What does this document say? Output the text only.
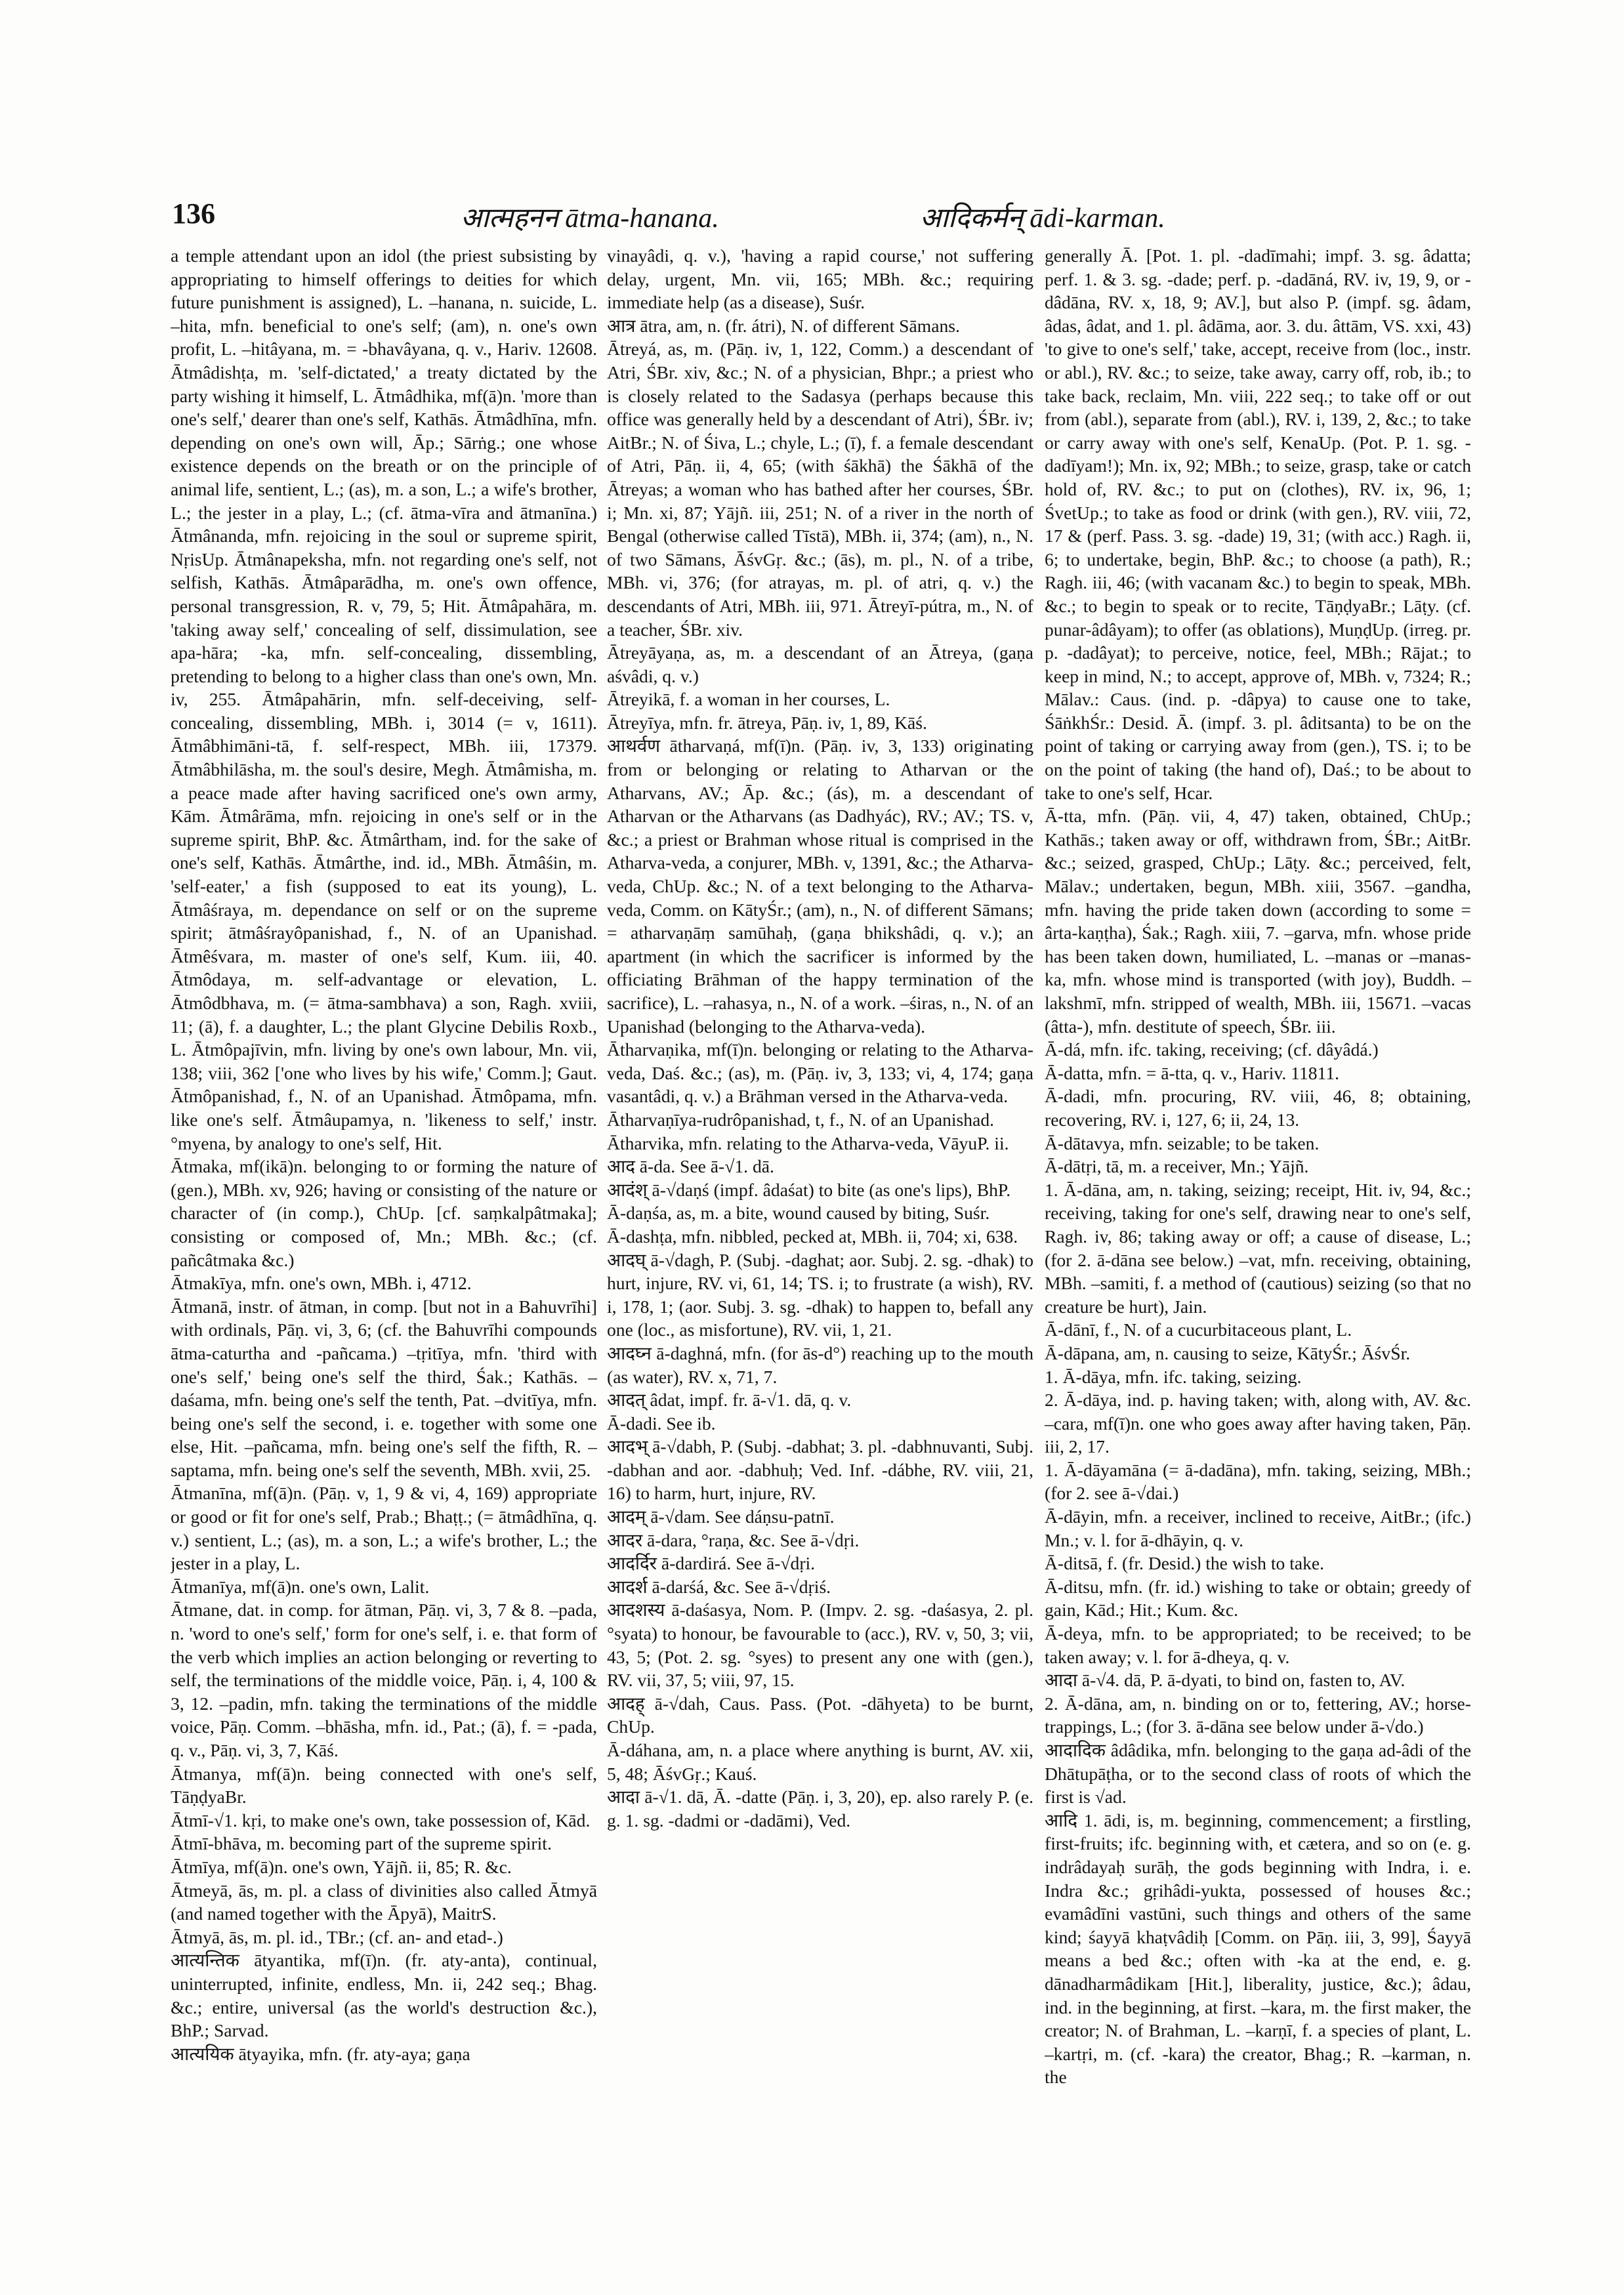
136	आत्महनन ātma-hanana.	आदिकर्मन् ādi-karman.

a temple attendant upon an idol (the priest subsisting by appropriating to himself offerings to deities for which future punishment is assigned), L. –hanana, n. suicide, L. –hita, mfn. beneficial to one's self; (am), n. one's own profit, L. –hitâyana, m. = -bhavâyana, q. v., Hariv. 12608. Ātmâdishṭa, m. 'self-dictated,' a treaty dictated by the party wishing it himself, L. Ātmâdhika, mf(ā)n. 'more than one's self,' dearer than one's self, Kathās. Ātmâdhīna, mfn. depending on one's own will, Āp.; Sārṅg.; one whose existence depends on the breath or on the principle of animal life, sentient, L.; (as), m. a son, L.; a wife's brother, L.; the jester in a play, L.; (cf. ātma-vīra and ātmanīna.) Ātmânanda, mfn. rejoicing in the soul or supreme spirit, NṛisUp. Ātmânapeksha, mfn. not regarding one's self, not selfish, Kathās. Ātmâparādha, m. one's own offence, personal transgression, R. v, 79, 5; Hit. Ātmâpahāra, m. 'taking away self,' concealing of self, dissimulation, see apa-hāra; -ka, mfn. self-concealing, dissembling, pretending to belong to a higher class than one's own, Mn. iv, 255. Ātmâpahārin, mfn. self-deceiving, self-concealing, dissembling, MBh. i, 3014 (= v, 1611). Ātmâbhimāni-tā, f. self-respect, MBh. iii, 17379. Ātmâbhilāsha, m. the soul's desire, Megh. Ātmâmisha, m. a peace made after having sacrificed one's own army, Kām. Ātmârāma, mfn. rejoicing in one's self or in the supreme spirit, BhP. &c. Ātmârtham, ind. for the sake of one's self, Kathās. Ātmârthe, ind. id., MBh. Ātmâśin, m. 'self-eater,' a fish (supposed to eat its young), L. Ātmâśraya, m. dependance on self or on the supreme spirit; ātmâśrayôpanishad, f., N. of an Upanishad. Ātmêśvara, m. master of one's self, Kum. iii, 40. Ātmôdaya, m. self-advantage or elevation, L. Ātmôdbhava, m. (= ātma-sambhava) a son, Ragh. xviii, 11; (ā), f. a daughter, L.; the plant Glycine Debilis Roxb., L. Ātmôpajīvin, mfn. living by one's own labour, Mn. vii, 138; viii, 362 ['one who lives by his wife,' Comm.]; Gaut. Ātmôpanishad, f., N. of an Upanishad. Ātmôpama, mfn. like one's self. Ātmâupamya, n. 'likeness to self,' instr. °myena, by analogy to one's self, Hit.

Ātmaka, mf(ikā)n. belonging to or forming the nature of (gen.), MBh. xv, 926; having or consisting of the nature or character of (in comp.), ChUp. [cf. saṃkalpâtmaka]; consisting or composed of, Mn.; MBh. &c.; (cf. pañcâtmaka &c.)

Ātmakīya, mfn. one's own, MBh. i, 4712.

Ātmanā, instr. of ātman, in comp. [but not in a Bahuvrīhi] with ordinals, Pāṇ. vi, 3, 6; (cf. the Bahuvrīhi compounds ātma-caturtha and -pañcama.) –tṛitīya, mfn. 'third with one's self,' being one's self the third, Śak.; Kathās. –daśama, mfn. being one's self the tenth, Pat. –dvitīya, mfn. being one's self the second, i. e. together with some one else, Hit. –pañcama, mfn. being one's self the fifth, R. –saptama, mfn. being one's self the seventh, MBh. xvii, 25.

Ātmanīna, mf(ā)n. (Pāṇ. v, 1, 9 & vi, 4, 169) appropriate or good or fit for one's self, Prab.; Bhaṭṭ.; (= ātmâdhīna, q. v.) sentient, L.; (as), m. a son, L.; a wife's brother, L.; the jester in a play, L.

Ātmanīya, mf(ā)n. one's own, Lalit.

Ātmane, dat. in comp. for ātman, Pāṇ. vi, 3, 7 & 8. –pada, n. 'word to one's self,' form for one's self, i. e. that form of the verb which implies an action belonging or reverting to self, the terminations of the middle voice, Pāṇ. i, 4, 100 & 3, 12. –padin, mfn. taking the terminations of the middle voice, Pāṇ. Comm. –bhāsha, mfn. id., Pat.; (ā), f. = -pada, q. v., Pāṇ. vi, 3, 7, Kāś.

Ātmanya, mf(ā)n. being connected with one's self, TāṇḍyaBr.

Ātmī-√1. kṛi, to make one's own, take possession of, Kād.

Ātmī-bhāva, m. becoming part of the supreme spirit.

Ātmīya, mf(ā)n. one's own, Yājñ. ii, 85; R. &c.

Ātmeyā, ās, m. pl. a class of divinities also called Ātmyā (and named together with the Āpyā), MaitrS.

Ātmyā, ās, m. pl. id., TBr.; (cf. an- and etad-.)

आत्यन्तिक ātyantika, mf(ī)n. (fr. aty-anta), continual, uninterrupted, infinite, endless, Mn. ii, 242 seq.; Bhag. &c.; entire, universal (as the world's destruction &c.), BhP.; Sarvad.

आत्ययिक ātyayika, mfn. (fr. aty-aya; gaṇa

vinayâdi, q. v.), 'having a rapid course,' not suffering delay, urgent, Mn. vii, 165; MBh. &c.; requiring immediate help (as a disease), Suśr.

आत्र ātra, am, n. (fr. átri), N. of different Sāmans.

Ātreyá, as, m. (Pāṇ. iv, 1, 122, Comm.) a descendant of Atri, ŚBr. xiv, &c.; N. of a physician, Bhpr.; a priest who is closely related to the Sadasya (perhaps because this office was generally held by a descendant of Atri), ŚBr. iv; AitBr.; N. of Śiva, L.; chyle, L.; (ī), f. a female descendant of Atri, Pāṇ. ii, 4, 65; (with śākhā) the Śākhā of the Ātreyas; a woman who has bathed after her courses, ŚBr. i; Mn. xi, 87; Yājñ. iii, 251; N. of a river in the north of Bengal (otherwise called Tīstā), MBh. ii, 374; (am), n., N. of two Sāmans, ĀśvGṛ. &c.; (ās), m. pl., N. of a tribe, MBh. vi, 376; (for atrayas, m. pl. of atri, q. v.) the descendants of Atri, MBh. iii, 971. Ātreyī-pútra, m., N. of a teacher, ŚBr. xiv.

Ātreyāyaṇa, as, m. a descendant of an Ātreya, (gaṇa aśvâdi, q. v.)

Ātreyikā, f. a woman in her courses, L.

Ātreyīya, mfn. fr. ātreya, Pāṇ. iv, 1, 89, Kāś.

आथर्वण ātharvaṇá, mf(ī)n. (Pāṇ. iv, 3, 133) originating from or belonging or relating to Atharvan or the Atharvans, AV.; Āp. &c.; (ás), m. a descendant of Atharvan or the Atharvans (as Dadhyác), RV.; AV.; TS. v, &c.; a priest or Brahman whose ritual is comprised in the Atharva-veda, a conjurer, MBh. v, 1391, &c.; the Atharva-veda, ChUp. &c.; N. of a text belonging to the Atharva-veda, Comm. on KātyŚr.; (am), n., N. of different Sāmans; = atharvaṇāṃ samūhaḥ, (gaṇa bhikshâdi, q. v.); an apartment (in which the sacrificer is informed by the officiating Brāhman of the happy termination of the sacrifice), L. –rahasya, n., N. of a work. –śiras, n., N. of an Upanishad (belonging to the Atharva-veda).

Ātharvaṇika, mf(ī)n. belonging or relating to the Atharva-veda, Daś. &c.; (as), m. (Pāṇ. iv, 3, 133; vi, 4, 174; gaṇa vasantâdi, q. v.) a Brāhman versed in the Atharva-veda.

Ātharvaṇīya-rudrôpanishad, t, f., N. of an Upanishad.

Ātharvika, mfn. relating to the Atharva-veda, VāyuP. ii.

आद ā-da. See ā-√1. dā.

आदंश् ā-√daṇś (impf. âdaśat) to bite (as one's lips), BhP.

Ā-daṇśa, as, m. a bite, wound caused by biting, Suśr.

Ā-dashṭa, mfn. nibbled, pecked at, MBh. ii, 704; xi, 638.

आदघ् ā-√dagh, P. (Subj. -daghat; aor. Subj. 2. sg. -dhak) to hurt, injure, RV. vi, 61, 14; TS. i; to frustrate (a wish), RV. i, 178, 1; (aor. Subj. 3. sg. -dhak) to happen to, befall any one (loc., as misfortune), RV. vii, 1, 21.

आदघ्न ā-daghná, mfn. (for ās-d°) reaching up to the mouth (as water), RV. x, 71, 7.

आदत् âdat, impf. fr. ā-√1. dā, q. v.

Ā-dadi. See ib.

आदभ् ā-√dabh, P. (Subj. -dabhat; 3. pl. -dabhnuvanti, Subj. -dabhan and aor. -dabhuḥ; Ved. Inf. -dábhe, RV. viii, 21, 16) to harm, hurt, injure, RV.

आदम् ā-√dam. See dáṇsu-patnī.

आदर ā-dara, °raṇa, &c. See ā-√dṛi.

आदर्दिर ā-dardirá. See ā-√dṛi.

आदर्श ā-darśá, &c. See ā-√dṛiś.

आदशस्य ā-daśasya, Nom. P. (Impv. 2. sg. -daśasya, 2. pl. °syata) to honour, be favourable to (acc.), RV. v, 50, 3; vii, 43, 5; (Pot. 2. sg. °syes) to present any one with (gen.), RV. vii, 37, 5; viii, 97, 15.

आदह् ā-√dah, Caus. Pass. (Pot. -dāhyeta) to be burnt, ChUp.

Ā-dáhana, am, n. a place where anything is burnt, AV. xii, 5, 48; ĀśvGṛ.; Kauś.

आदा ā-√1. dā, Ā. -datte (Pāṇ. i, 3, 20), ep. also rarely P. (e. g. 1. sg. -dadmi or -dadāmi), Ved.

generally Ā. [Pot. 1. pl. -dadīmahi; impf. 3. sg. âdatta; perf. 1. & 3. sg. -dade; perf. p. -dadāná, RV. iv, 19, 9, or -dâdāna, RV. x, 18, 9; AV.], but also P. (impf. sg. âdam, âdas, âdat, and 1. pl. âdāma, aor. 3. du. âttām, VS. xxi, 43) 'to give to one's self,' take, accept, receive from (loc., instr. or abl.), RV. &c.; to seize, take away, carry off, rob, ib.; to take back, reclaim, Mn. viii, 222 seq.; to take off or out from (abl.), separate from (abl.), RV. i, 139, 2, &c.; to take or carry away with one's self, KenaUp. (Pot. P. 1. sg. -dadīyam!); Mn. ix, 92; MBh.; to seize, grasp, take or catch hold of, RV. &c.; to put on (clothes), RV. ix, 96, 1; ŚvetUp.; to take as food or drink (with gen.), RV. viii, 72, 17 & (perf. Pass. 3. sg. -dade) 19, 31; (with acc.) Ragh. ii, 6; to undertake, begin, BhP. &c.; to choose (a path), R.; Ragh. iii, 46; (with vacanam &c.) to begin to speak, MBh. &c.; to begin to speak or to recite, TāṇḍyaBr.; Lāṭy. (cf. punar-âdâyam); to offer (as oblations), MuṇḍUp. (irreg. pr. p. -dadâyat); to perceive, notice, feel, MBh.; Rājat.; to keep in mind, N.; to accept, approve of, MBh. v, 7324; R.; Mālav.: Caus. (ind. p. -dâpya) to cause one to take, ŚāṅkhŚr.: Desid. Ā. (impf. 3. pl. âditsanta) to be on the point of taking or carrying away from (gen.), TS. i; to be on the point of taking (the hand of), Daś.; to be about to take to one's self, Hcar.

Ā-tta, mfn. (Pāṇ. vii, 4, 47) taken, obtained, ChUp.; Kathās.; taken away or off, withdrawn from, ŚBr.; AitBr. &c.; seized, grasped, ChUp.; Lāṭy. &c.; perceived, felt, Mālav.; undertaken, begun, MBh. xiii, 3567. –gandha, mfn. having the pride taken down (according to some = ârta-kaṇṭha), Śak.; Ragh. xiii, 7. –garva, mfn. whose pride has been taken down, humiliated, L. –manas or –manas-ka, mfn. whose mind is transported (with joy), Buddh. –lakshmī, mfn. stripped of wealth, MBh. iii, 15671. –vacas (âtta-), mfn. destitute of speech, ŚBr. iii.

Ā-dá, mfn. ifc. taking, receiving; (cf. dâyâdá.)

Ā-datta, mfn. = ā-tta, q. v., Hariv. 11811.

Ā-dadi, mfn. procuring, RV. viii, 46, 8; obtaining, recovering, RV. i, 127, 6; ii, 24, 13.

Ā-dātavya, mfn. seizable; to be taken.

Ā-dātṛi, tā, m. a receiver, Mn.; Yājñ.

1. Ā-dāna, am, n. taking, seizing; receipt, Hit. iv, 94, &c.; receiving, taking for one's self, drawing near to one's self, Ragh. iv, 86; taking away or off; a cause of disease, L.; (for 2. ā-dāna see below.) –vat, mfn. receiving, obtaining, MBh. –samiti, f. a method of (cautious) seizing (so that no creature be hurt), Jain.

Ā-dānī, f., N. of a cucurbitaceous plant, L.

Ā-dāpana, am, n. causing to seize, KātyŚr.; ĀśvŚr.

1. Ā-dāya, mfn. ifc. taking, seizing.

2. Ā-dāya, ind. p. having taken; with, along with, AV. &c. –cara, mf(ī)n. one who goes away after having taken, Pāṇ. iii, 2, 17.

1. Ā-dāyamāna (= ā-dadāna), mfn. taking, seizing, MBh.; (for 2. see ā-√dai.)

Ā-dāyin, mfn. a receiver, inclined to receive, AitBr.; (ifc.) Mn.; v. l. for ā-dhāyin, q. v.

Ā-ditsā, f. (fr. Desid.) the wish to take.

Ā-ditsu, mfn. (fr. id.) wishing to take or obtain; greedy of gain, Kād.; Hit.; Kum. &c.

Ā-deya, mfn. to be appropriated; to be received; to be taken away; v. l. for ā-dheya, q. v.

आदा ā-√4. dā, P. ā-dyati, to bind on, fasten to, AV.

2. Ā-dāna, am, n. binding on or to, fettering, AV.; horse-trappings, L.; (for 3. ā-dāna see below under ā-√do.)

आदादिक âdâdika, mfn. belonging to the gaṇa ad-âdi of the Dhātupāṭha, or to the second class of roots of which the first is √ad.

आदि 1. ādi, is, m. beginning, commencement; a firstling, first-fruits; ifc. beginning with, et cætera, and so on (e. g. indrâdayaḥ surāḥ, the gods beginning with Indra, i. e. Indra &c.; gṛihâdi-yukta, possessed of houses &c.; evamâdīni vastūni, such things and others of the same kind; śayyā khaṭvâdiḥ [Comm. on Pāṇ. iii, 3, 99], Śayyā means a bed &c.; often with -ka at the end, e. g. dānadharmâdikam [Hit.], liberality, justice, &c.); âdau, ind. in the beginning, at first. –kara, m. the first maker, the creator; N. of Brahman, L. –karṇī, f. a species of plant, L. –kartṛi, m. (cf. -kara) the creator, Bhag.; R. –karman, n. the
